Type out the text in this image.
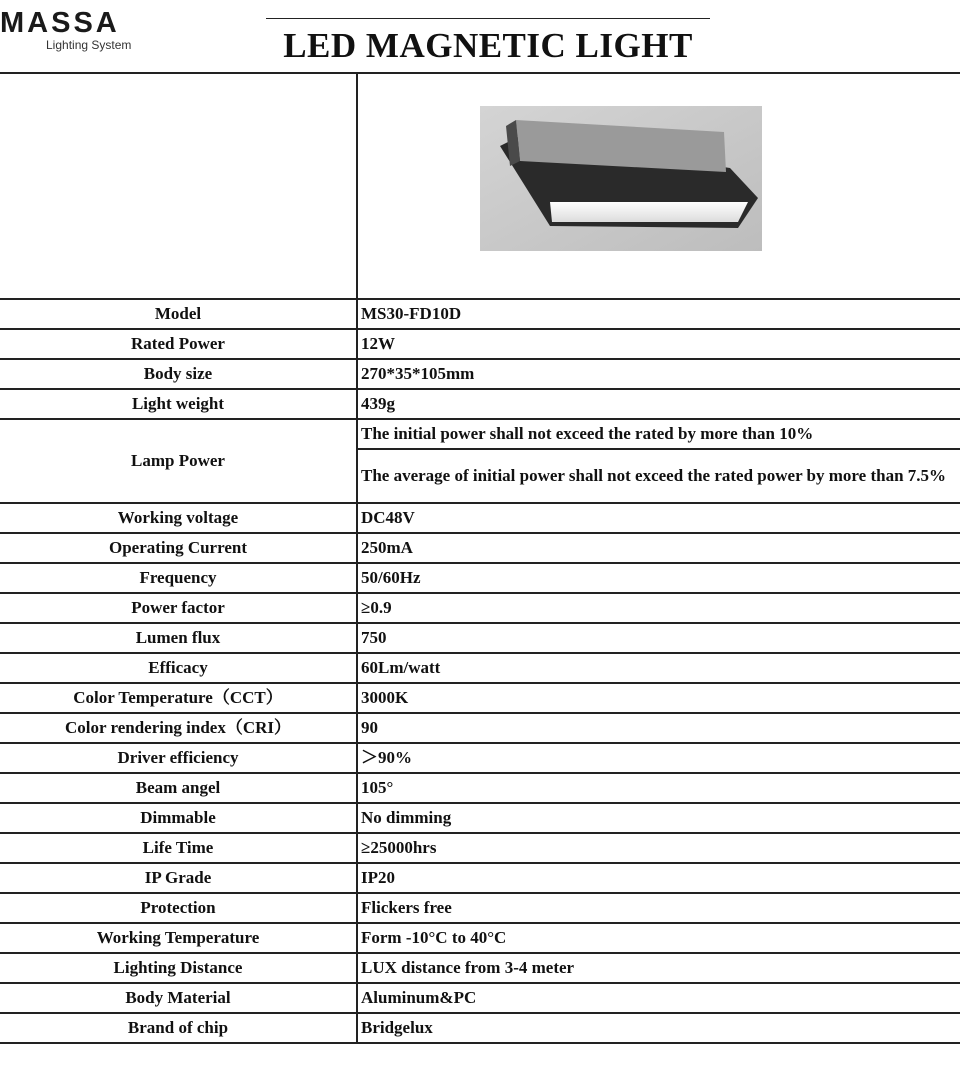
MASSA
Lighting System	LED MAGNETIC LIGHT
Model	MS30-FD10D
Rated Power	12W
Body size	270*35*105mm
Light weight	439g
Lamp Power	The initial power shall not exceed the rated by more than 10%
	The average of initial power shall not exceed the rated power by more than 7.5%
Working voltage	DC48V
Operating Current	250mA
Frequency	50/60Hz
Power factor	≥0.9
Lumen flux	750
Efficacy	60Lm/watt
Color Temperature（CCT）	3000K
Color rendering index（CRI）	90
Driver efficiency	＞90%
Beam angel	105°
Dimmable	No dimming
Life Time	≥25000hrs
IP Grade	IP20
Protection	Flickers free
Working Temperature	Form -10°C to 40°C
Lighting Distance	LUX distance from 3-4 meter
Body Material	Aluminum&PC
Brand of chip	Bridgelux
